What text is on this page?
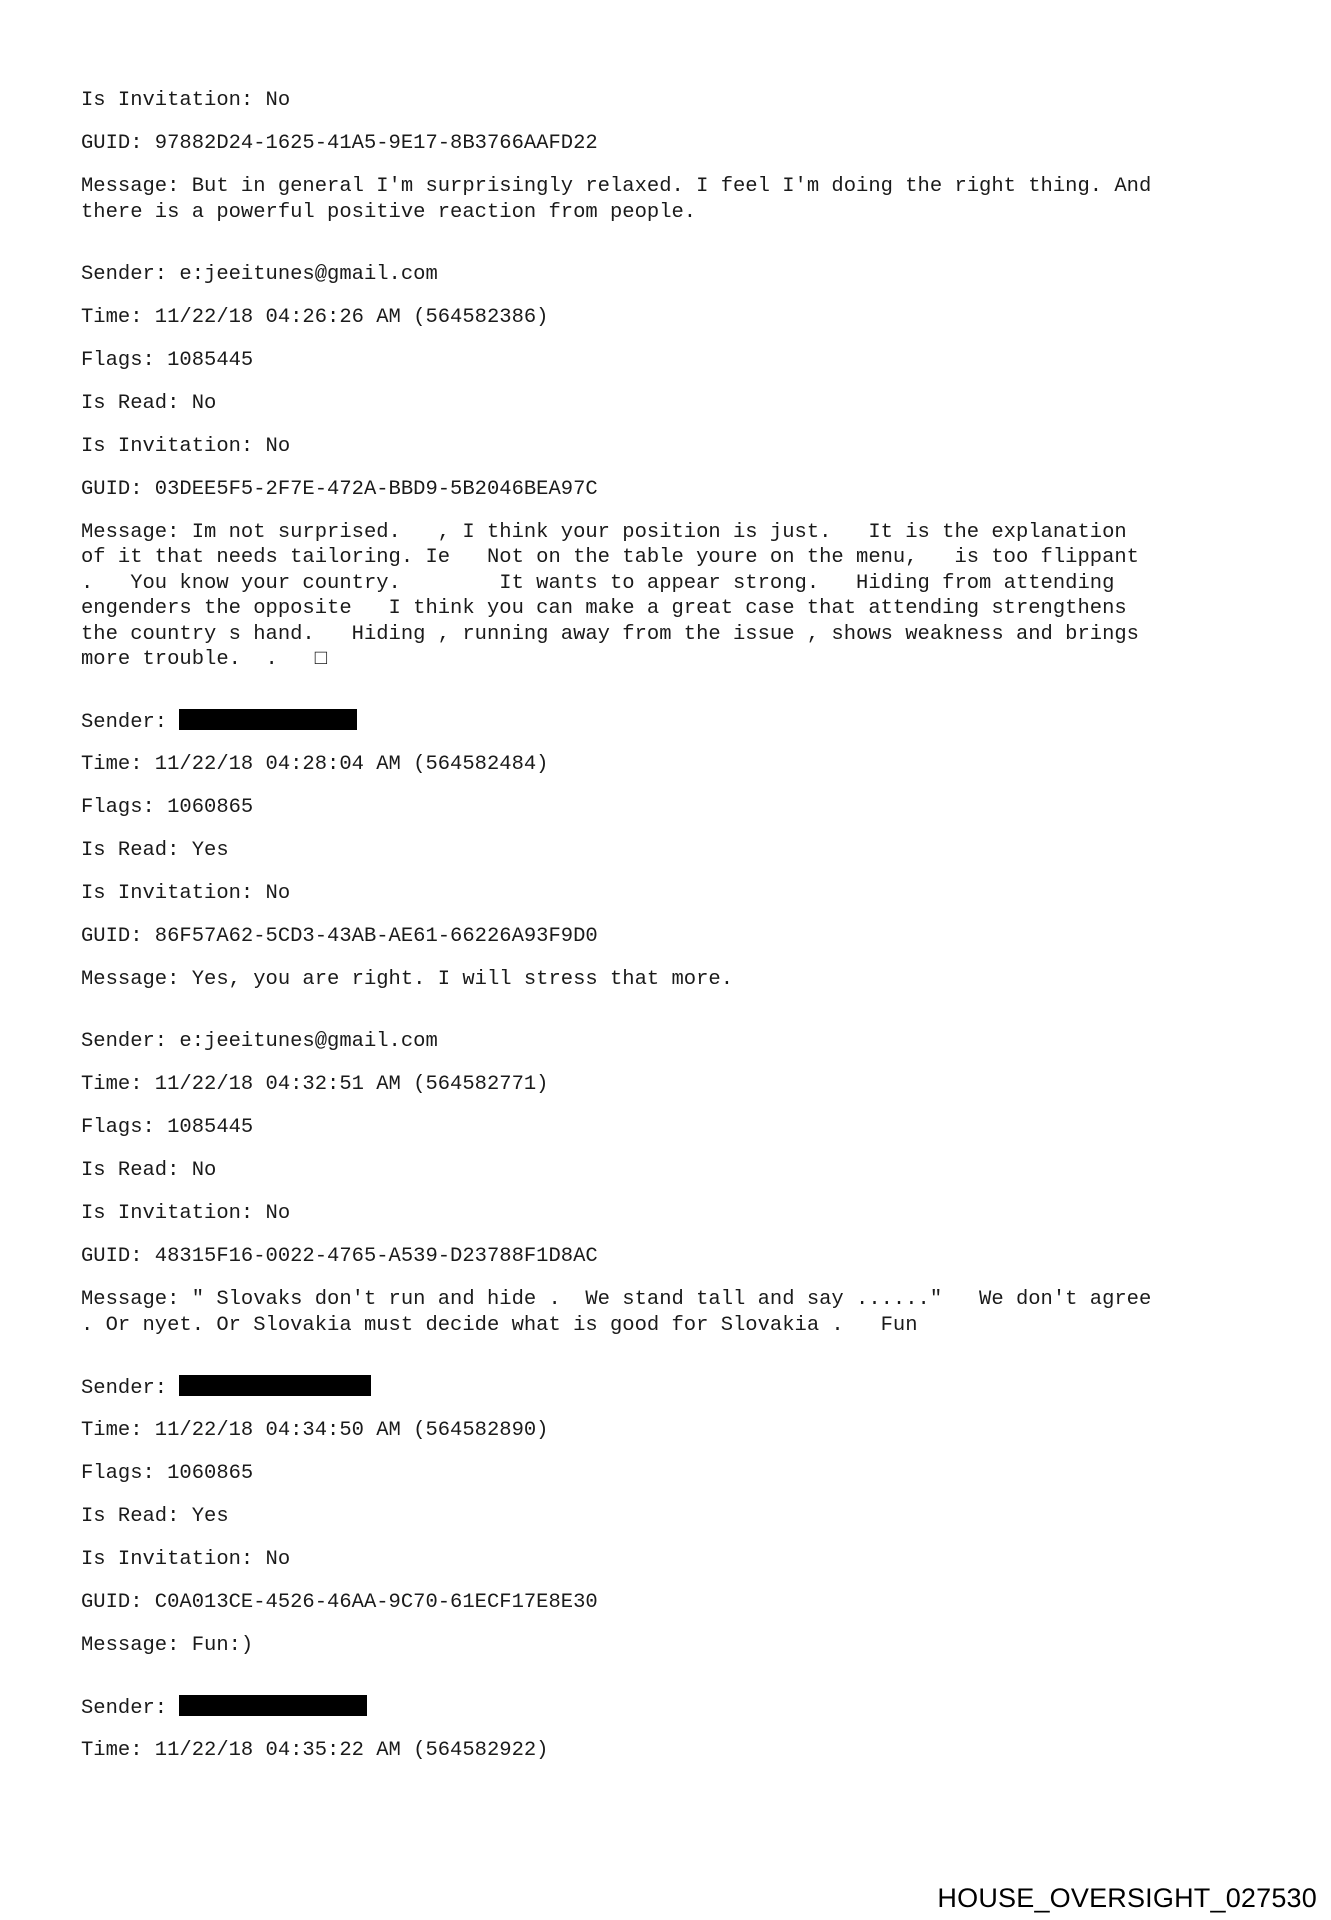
Is Invitation: No
GUID: 97882D24-1625-41A5-9E17-8B3766AAFD22
Message: But in general I'm surprisingly relaxed. I feel I'm doing the right thing. And
there is a powerful positive reaction from people.
Sender: e:jeeitunes@gmail.com
Time: 11/22/18 04:26:26 AM (564582386)
Flags: 1085445
Is Read: No
Is Invitation: No
GUID: 03DEE5F5-2F7E-472A-BBD9-5B2046BEA97C
Message: Im not surprised.   , I think your position is just.   It is the explanation
of it that needs tailoring. Ie   Not on the table youre on the menu,   is too flippant
.   You know your country.        It wants to appear strong.   Hiding from attending
engenders the opposite   I think you can make a great case that attending strengthens
the country s hand.   Hiding , running away from the issue , shows weakness and brings
more trouble.  .   □
Sender:
Time: 11/22/18 04:28:04 AM (564582484)
Flags: 1060865
Is Read: Yes
Is Invitation: No
GUID: 86F57A62-5CD3-43AB-AE61-66226A93F9D0
Message: Yes, you are right. I will stress that more.
Sender: e:jeeitunes@gmail.com
Time: 11/22/18 04:32:51 AM (564582771)
Flags: 1085445
Is Read: No
Is Invitation: No
GUID: 48315F16-0022-4765-A539-D23788F1D8AC
Message: " Slovaks don't run and hide .  We stand tall and say ......"   We don't agree
. Or nyet. Or Slovakia must decide what is good for Slovakia .   Fun
Sender:
Time: 11/22/18 04:34:50 AM (564582890)
Flags: 1060865
Is Read: Yes
Is Invitation: No
GUID: C0A013CE-4526-46AA-9C70-61ECF17E8E30
Message: Fun:)
Sender:
Time: 11/22/18 04:35:22 AM (564582922)
HOUSE_OVERSIGHT_027530
